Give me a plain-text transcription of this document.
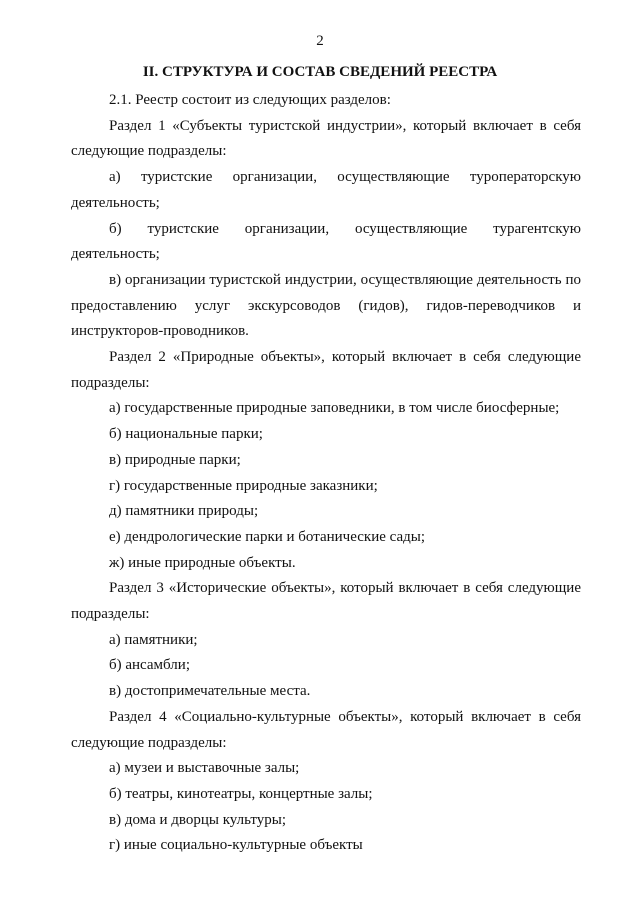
2
II. СТРУКТУРА И СОСТАВ СВЕДЕНИЙ РЕЕСТРА

2.1. Реестр состоит из следующих разделов:

Раздел 1 «Субъекты туристской индустрии», который включает в себя следующие подразделы:

а) туристские организации, осуществляющие туроператорскую деятельность;

б) туристские организации, осуществляющие турагентскую деятельность;

в) организации туристской индустрии, осуществляющие деятельность по предоставлению услуг экскурсоводов (гидов), гидов-переводчиков и инструкторов-проводников.

Раздел 2 «Природные объекты», который включает в себя следующие подразделы:

а) государственные природные заповедники, в том числе биосферные;

б) национальные парки;

в) природные парки;

г) государственные природные заказники;

д) памятники природы;

е) дендрологические парки и ботанические сады;

ж) иные природные объекты.

Раздел 3 «Исторические объекты», который включает в себя следующие подразделы:

а) памятники;

б) ансамбли;

в) достопримечательные места.

Раздел 4 «Социально-культурные объекты», который включает в себя следующие подразделы:

а) музеи и выставочные залы;

б) театры, кинотеатры, концертные залы;

в) дома и дворцы культуры;

г) иные социально-культурные объекты
